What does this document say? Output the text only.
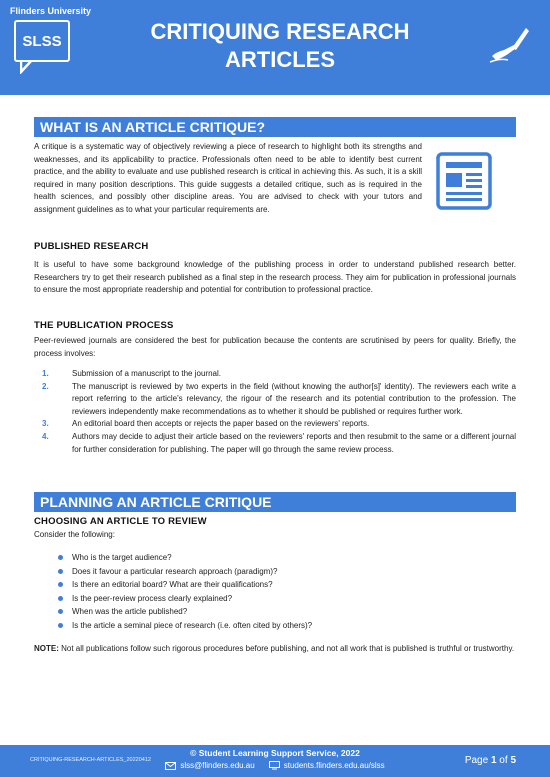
Flinders University
SLSS	CRITIQUING RESEARCH
ARTICLES
WHAT IS AN ARTICLE CRITIQUE?

A critique is a systematic way of objectively reviewing a piece of research to highlight both its strengths and weaknesses, and its applicability to practice. Professionals often need to be able to identify best current practice, and the ability to evaluate and use published research is critical in achieving this. As such, it is a skill required in many position descriptions. This guide suggests a detailed critique, such as is required in the health sciences, and possibly other discipline areas. You are advised to check with your tutors and assignment guidelines as to what your particular requirements are.

PUBLISHED RESEARCH

It is useful to have some background knowledge of the publishing process in order to understand published research better. Researchers try to get their research published as a final step in the research process. They aim for publication in professional journals to ensure the most appropriate readership and potential for contribution to professional practice.

THE PUBLICATION PROCESS

Peer-reviewed journals are considered the best for publication because the contents are scrutinised by peers for quality. Briefly, the process involves:

1.	Submission of a manuscript to the journal.
2.	The manuscript is reviewed by two experts in the field (without knowing the author[s]' identity). The reviewers each write a report referring to the article's relevancy, the rigour of the research and its potential contribution to the profession. The reviewers independently make recommendations as to whether it should be published or requires further work.
3.	An editorial board then accepts or rejects the paper based on the reviewers' reports.
4.	Authors may decide to adjust their article based on the reviewers' reports and then resubmit to the same or a different journal for further consideration for publishing. The paper will go through the same review process.
PLANNING AN ARTICLE CRITIQUE
CHOOSING AN ARTICLE TO REVIEW

Consider the following:

Who is the target audience?
Does it favour a particular research approach (paradigm)?
Is there an editorial board? What are their qualifications?
Is the peer-review process clearly explained?
When was the article published?
Is the article a seminal piece of research (i.e. often cited by others)?

NOTE: Not all publications follow such rigorous procedures before publishing, and not all work that is published is truthful or trustworthy.

CRITIQUING-RESEARCH-ARTICLES_20220412
© Student Learning Support Service, 2022
slss@flinders.edu.au	students.flinders.edu.au/slss	Page 1 of 5
